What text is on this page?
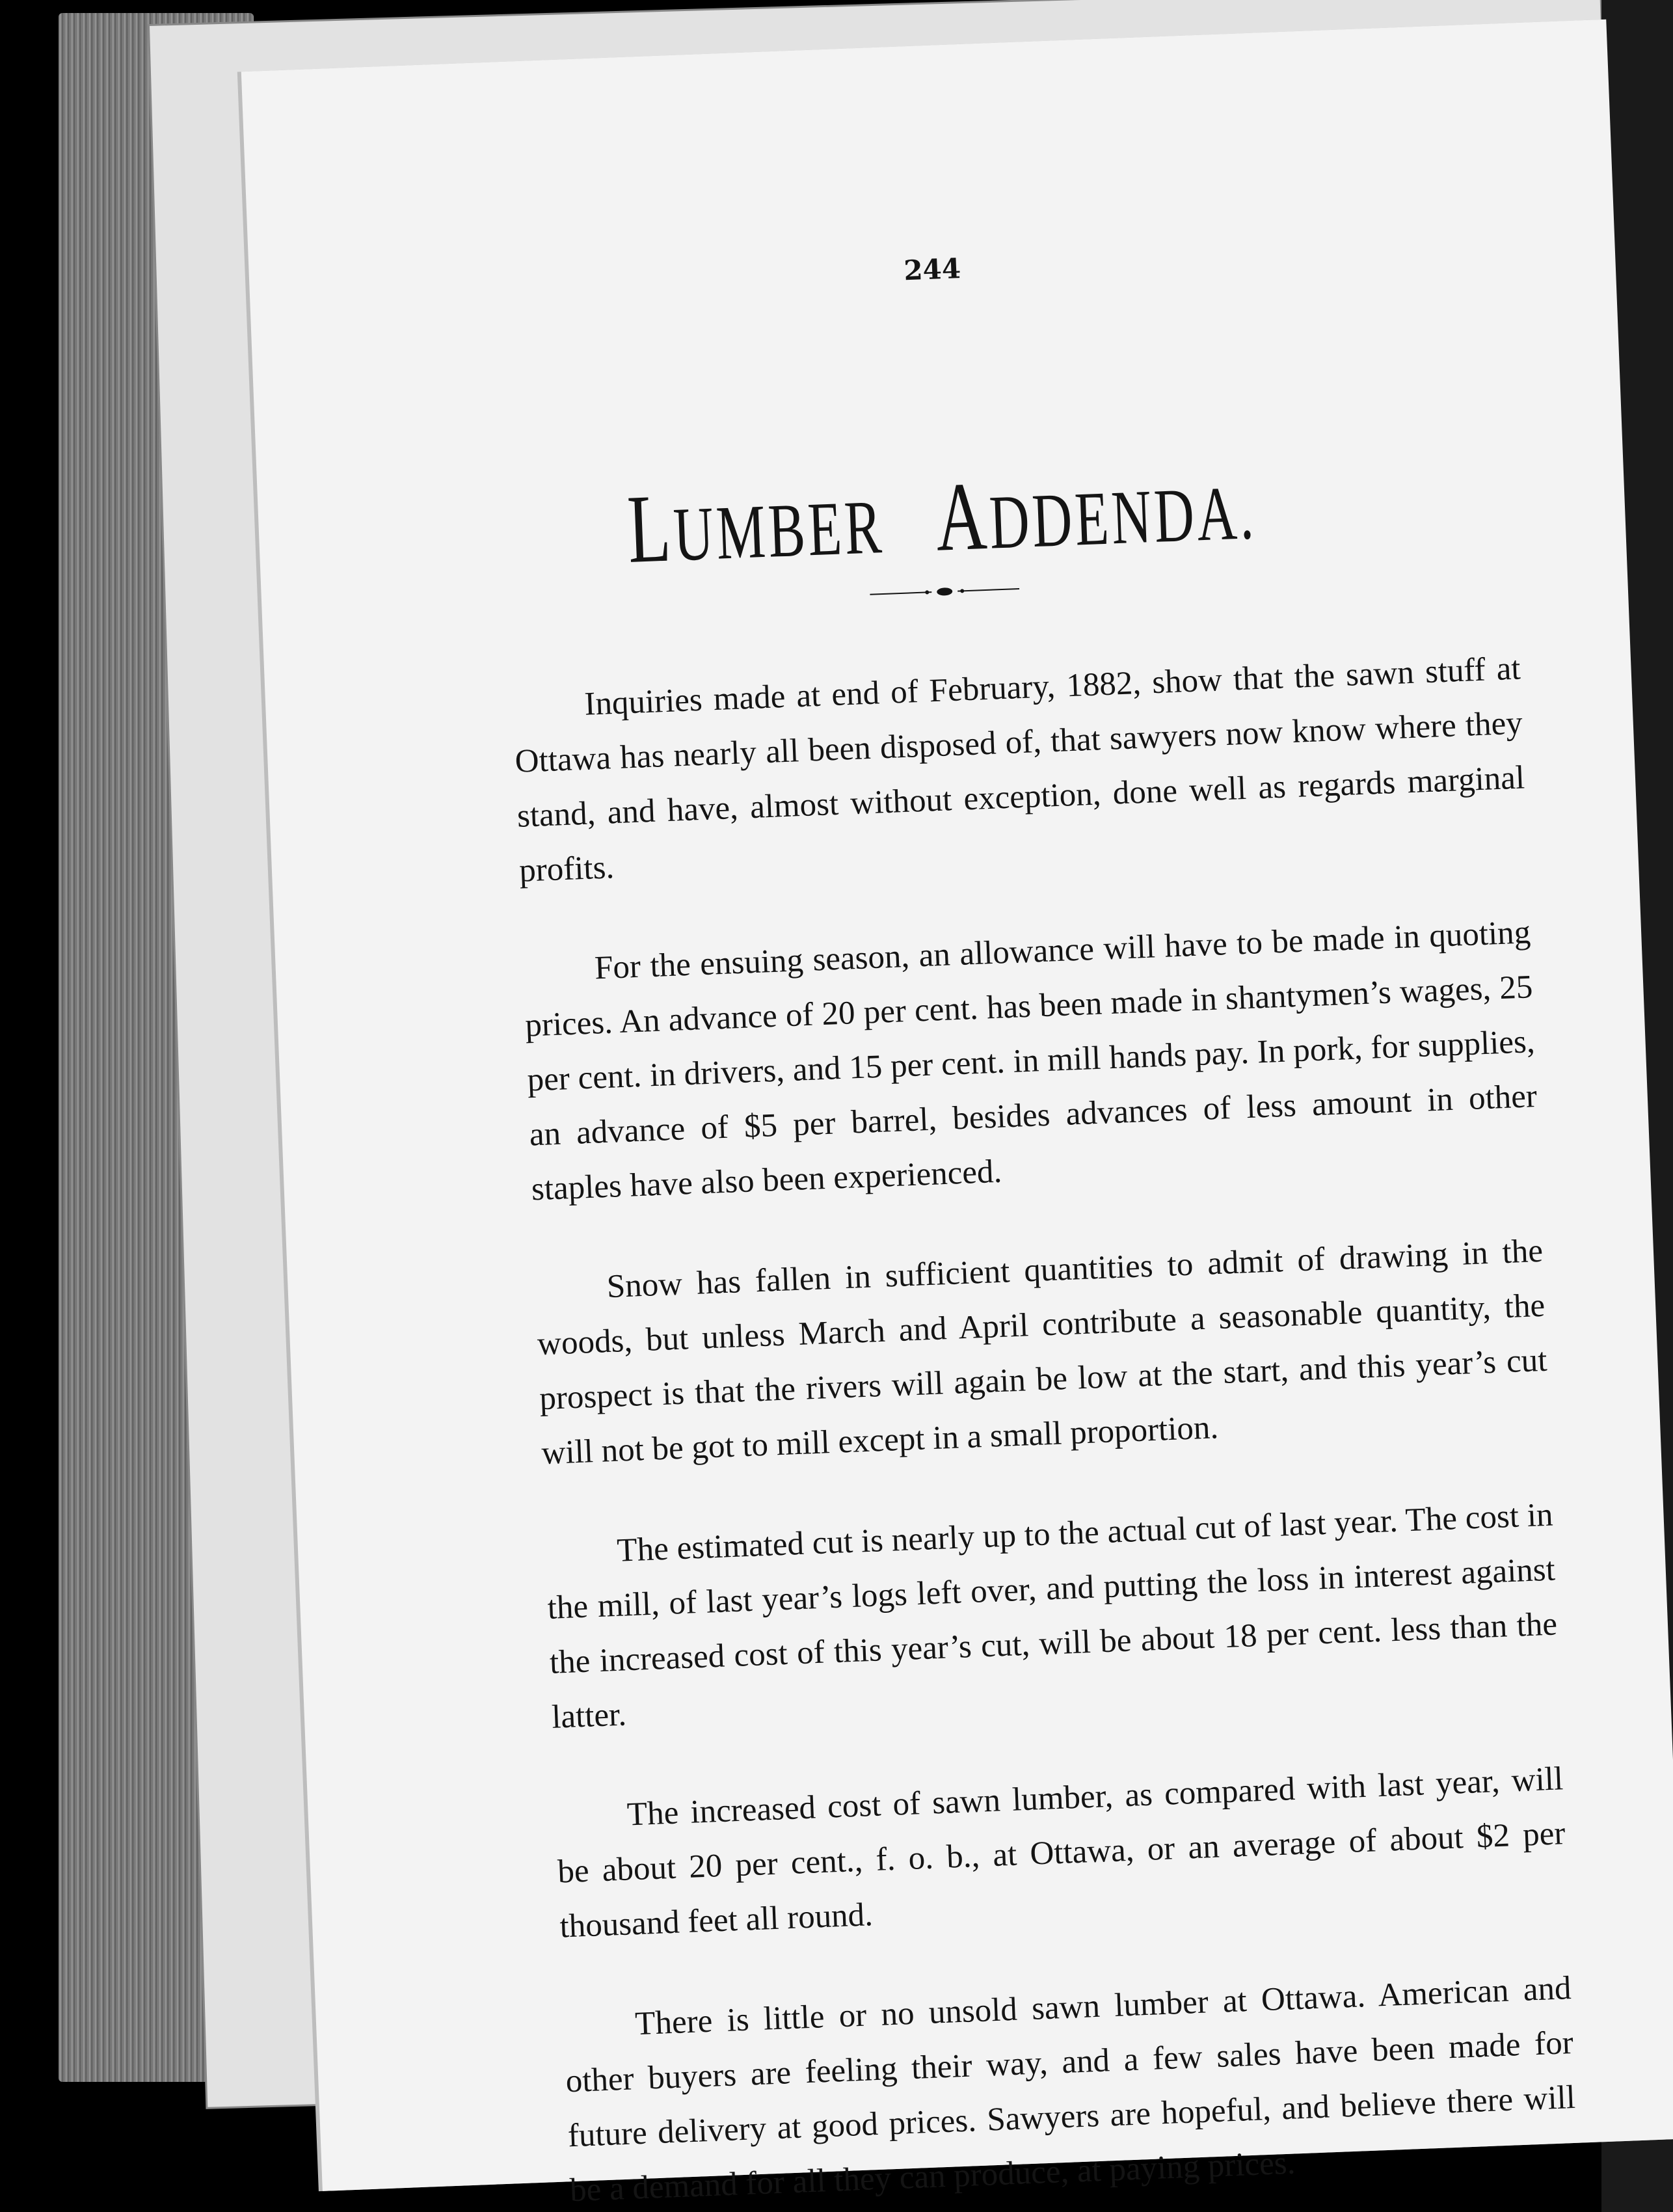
244
LUMBER ADDENDA.

Inquiries made at end of February, 1882, show that the sawn stuff at Ottawa has nearly all been disposed of, that sawyers now know where they stand, and have, almost without exception, done well as regards marginal profits.

For the ensuing season, an allowance will have to be made in quoting prices. An advance of 20 per cent. has been made in shantymen’s wages, 25 per cent. in drivers, and 15 per cent. in mill hands pay. In pork, for supplies, an advance of $5 per barrel, besides advances of less amount in other staples have also been experienced.

Snow has fallen in sufficient quantities to admit of drawing in the woods, but unless March and April contribute a seasonable quantity, the prospect is that the rivers will again be low at the start, and this year’s cut will not be got to mill except in a small proportion.

The estimated cut is nearly up to the actual cut of last year. The cost in the mill, of last year’s logs left over, and putting the loss in interest against the increased cost of this year’s cut, will be about 18 per cent. less than the latter.

The increased cost of sawn lumber, as compared with last year, will be about 20 per cent., f. o. b., at Ottawa, or an average of about $2 per thousand feet all round.

There is little or no unsold sawn lumber at Ottawa. American and other buyers are feeling their way, and a few sales have been made for future delivery at good prices. Sawyers are hopeful, and believe there will be a demand for all they can produce, at paying prices.
